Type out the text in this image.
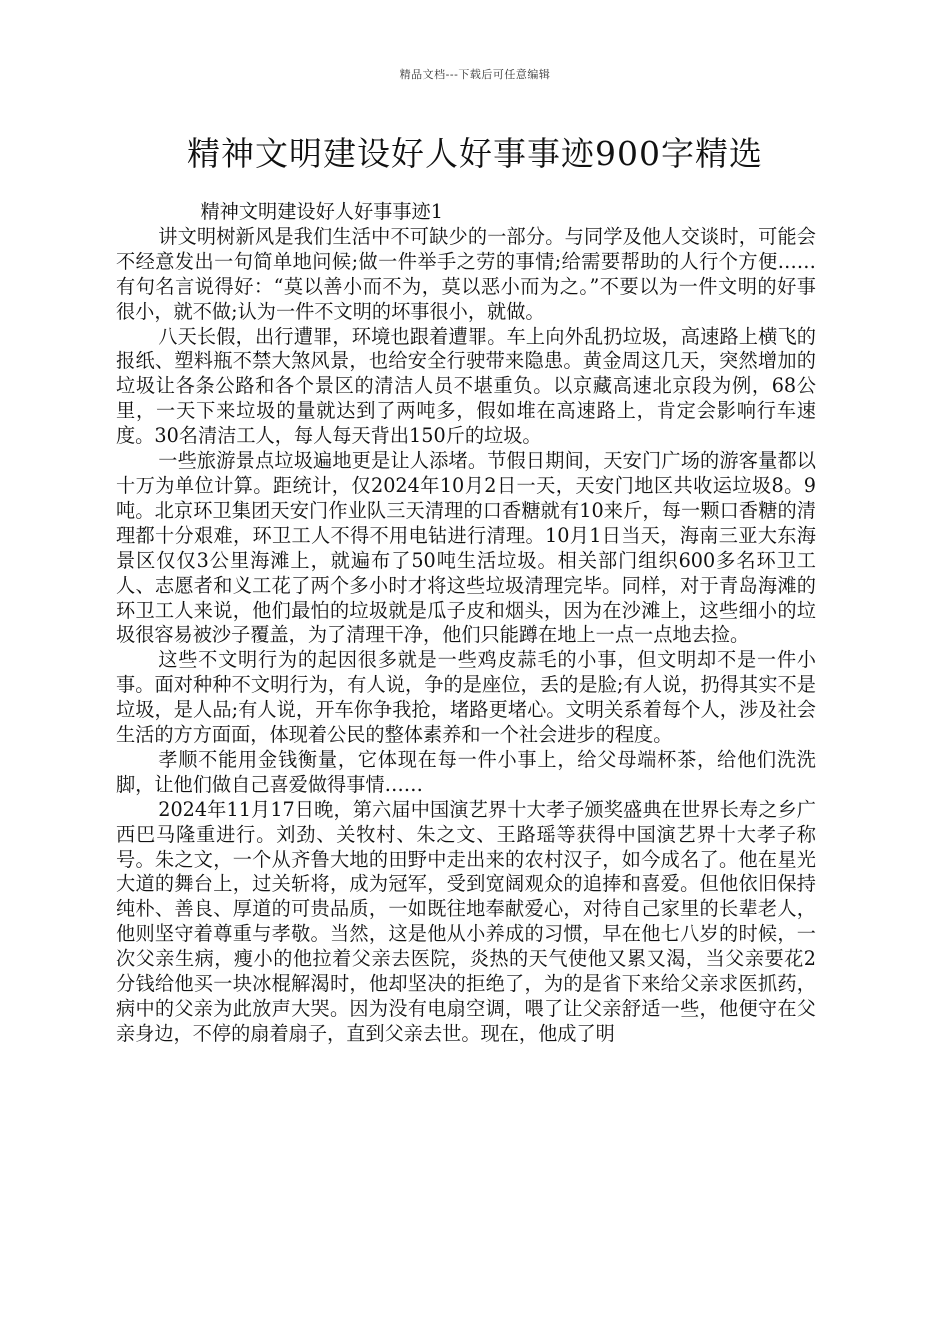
精品文档---下载后可任意编辑
精神文明建设好人好事事迹900字精选

精神文明建设好人好事事迹1

讲文明树新风是我们生活中不可缺少的一部分。与同学及他人交谈时，可能会不经意发出一句简单地问候;做一件举手之劳的事情;给需要帮助的人行个方便……有句名言说得好：“莫以善小而不为，莫以恶小而为之。”不要以为一件文明的好事很小，就不做;认为一件不文明的坏事很小，就做。

八天长假，出行遭罪，环境也跟着遭罪。车上向外乱扔垃圾，高速路上横飞的报纸、塑料瓶不禁大煞风景，也给安全行驶带来隐患。黄金周这几天，突然增加的垃圾让各条公路和各个景区的清洁人员不堪重负。以京藏高速北京段为例，68公里，一天下来垃圾的量就达到了两吨多，假如堆在高速路上，肯定会影响行车速度。30名清洁工人，每人每天背出150斤的垃圾。

一些旅游景点垃圾遍地更是让人添堵。节假日期间，天安门广场的游客量都以十万为单位计算。距统计，仅2024年10月2日一天，天安门地区共收运垃圾8。9吨。北京环卫集团天安门作业队三天清理的口香糖就有10来斤，每一颗口香糖的清理都十分艰难，环卫工人不得不用电钻进行清理。10月1日当天，海南三亚大东海景区仅仅3公里海滩上，就遍布了50吨生活垃圾。相关部门组织600多名环卫工人、志愿者和义工花了两个多小时才将这些垃圾清理完毕。同样，对于青岛海滩的环卫工人来说，他们最怕的垃圾就是瓜子皮和烟头，因为在沙滩上，这些细小的垃圾很容易被沙子覆盖，为了清理干净，他们只能蹲在地上一点一点地去捡。

这些不文明行为的起因很多就是一些鸡皮蒜毛的小事，但文明却不是一件小事。面对种种不文明行为，有人说，争的是座位，丢的是脸;有人说，扔得其实不是垃圾，是人品;有人说，开车你争我抢，堵路更堵心。文明关系着每个人，涉及社会生活的方方面面，体现着公民的整体素养和一个社会进步的程度。

孝顺不能用金钱衡量，它体现在每一件小事上，给父母端杯茶，给他们洗洗脚，让他们做自己喜爱做得事情……

2024年11月17日晚，第六届中国演艺界十大孝子颁奖盛典在世界长寿之乡广西巴马隆重进行。刘劲、关牧村、朱之文、王路瑶等获得中国演艺界十大孝子称号。朱之文，一个从齐鲁大地的田野中走出来的农村汉子，如今成名了。他在星光大道的舞台上，过关斩将，成为冠军，受到宽阔观众的追捧和喜爱。但他依旧保持纯朴、善良、厚道的可贵品质，一如既往地奉献爱心，对待自己家里的长辈老人，他则坚守着尊重与孝敬。当然，这是他从小养成的习惯，早在他七八岁的时候，一次父亲生病，瘦小的他拉着父亲去医院，炎热的天气使他又累又渴，当父亲要花2分钱给他买一块冰棍解渴时，他却坚决的拒绝了，为的是省下来给父亲求医抓药，病中的父亲为此放声大哭。因为没有电扇空调，喂了让父亲舒适一些，他便守在父亲身边，不停的扇着扇子，直到父亲去世。现在，他成了明
